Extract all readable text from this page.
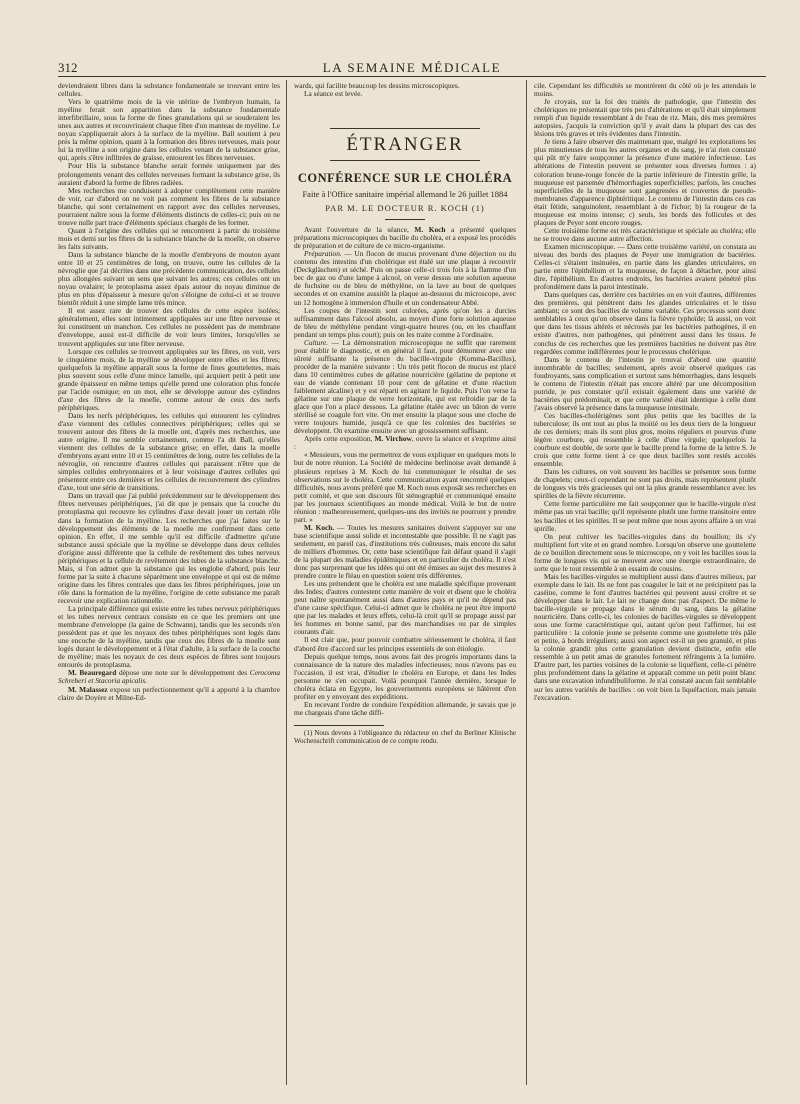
312	LA SEMAINE MÉDICALE

deviendraient libres dans la substance fondamentale se trouvant entre les cellules.

Vers le quatrième mois de la vie utérine de l'embryon humain, la myéline ferait son apparition dans la substance fondamentale interfibrillaire, sous la forme de fines granulations qui se souderaient les unes aux autres et recouvriraient chaque fibre d'un manteau de myéline. Le noyau s'appliquerait alors à la surface de la myéline. Ball soutient à peu près la même opinion, quant à la formation des fibres nerveuses, mais pour lui la myéline a son origine dans les cellules venant de la substance grise, qui, après s'être infiltrées de graisse, entourent les fibres nerveuses.

Pour His la substance blanche serait formée uniquement par des prolongements venant des cellules nerveuses formant la substance grise, ils auraient d'abord la forme de fibres radiées.

Mes recherches me conduisent à adopter complètement cette manière de voir, car d'abord on ne voit pas comment les fibres de la substance blanche, qui sont certainement en rapport avec des cellules nerveuses, pourraient naître sous la forme d'éléments distincts de celles-ci; puis on ne trouve nulle part trace d'éléments spéciaux chargés de les former.

Quant à l'origine des cellules qui se rencontrent à partir du troisième mois et demi sur les fibres de la substance blanche de la moelle, on observe les faits suivants.

Dans la substance blanche de la moelle d'embryons de mouton ayant entre 10 et 25 centimètres de long, on trouve, outre les cellules de la névroglie que j'ai décrites dans une précédente communication, des cellules plus allongées suivant un sens que suivant les autres; ces cellules ont un noyau ovalaire; le protoplasma assez épais autour du noyau diminue de plus en plus d'épaisseur à mesure qu'on s'éloigne de celui-ci et se trouve bientôt réduit à une simple lame très mince.

Il est assez rare de trouver des cellules de cette espèce isolées; généralement, elles sont intimement appliquées sur une fibre nerveuse et lui constituent un manchon. Ces cellules ne possèdent pas de membrane d'enveloppe, aussi est-il difficile de voir leurs limites, lorsqu'elles se trouvent appliquées sur une fibre nerveuse.

Lorsque ces cellules se trouvent appliquées sur les fibres, on voit, vers le cinquième mois, de la myéline se développer entre elles et les fibres; quelquefois la myéline apparaît sous la forme de fines gouttelettes, mais plus souvent sous celle d'une mince lamelle, qui acquiert petit à petit une grande épaisseur en même temps qu'elle prend une coloration plus foncée par l'acide osmique; en un mot, elle se développe autour des cylindres d'axe des fibres de la moelle, comme autour de ceux des nerfs périphériques.

Dans les nerfs périphériques, les cellules qui entourent les cylindres d'axe viennent des cellules connectives périphériques; celles qui se trouvent autour des fibres de la moelle ont, d'après mes recherches, une autre origine. Il me semble certainement, comme l'a dit Ball, qu'elles viennent des cellules de la substance grise; en effet, dans la moelle d'embryons ayant entre 10 et 15 centimètres de long, outre les cellules de la névroglie, on rencontre d'autres cellules qui paraissent n'être que de simples cellules embryonnaires et à leur voisinage d'autres cellules qui présentent entre ces dernières et les cellules de recouvrement des cylindres d'axe, tout une série de transitions.

Dans un travail que j'ai publié précédemment sur le développement des fibres nerveuses périphériques, j'ai dit que je pensais que la couche du protoplasma qui recouvre les cylindres d'axe devait jouer un certain rôle dans la formation de la myéline. Les recherches que j'ai faites sur le développement des éléments de la moelle me confirment dans cette opinion. En effet, il me semble qu'il est difficile d'admettre qu'une substance aussi spéciale que la myéline se développe dans deux cellules d'origine aussi différente que la cellule de revêtement des tubes nerveux périphériques et la cellule de revêtement des tubes de la substance blanche. Mais, si l'on admet que la substance qui les englobe d'abord, puis leur forme par la suite à chacune séparément une enveloppe et qui est de même origine dans les fibres centrales que dans les fibres périphériques, joue un rôle dans la formation de la myéline, l'origine de cette substance me paraît recevoir une explication rationnelle.

La principale différence qui existe entre les tubes nerveux périphériques et les tubes nerveux centraux consiste en ce que les premiers ont une membrane d'enveloppe (la gaine de Schwann), tandis que les seconds n'en possèdent pas et que les noyaux des tubes périphériques sont logés dans une encoche de la myéline, tandis que ceux des fibres de la moelle sont logés durant le développement et à l'état d'adulte, à la surface de la couche de myéline; mais les noyaux de ces deux espèces de fibres sont toujours entourés de protoplasma.

M. Beauregard dépose une note sur le développement des Cerocoma Schreberi et Stacoria apicalis.

M. Malassez expose un perfectionnement qu'il a apporté à la chambre claire de Doyère et Milne-Ed-

wards, qui facilite beaucoup les dessins microscopiques.

La séance est levée.

ÉTRANGER
CONFÉRENCE SUR LE CHOLÉRA
Faite à l'Office sanitaire impérial allemand le 26 juillet 1884
PAR M. LE DOCTEUR R. KOCH (1)

Avant l'ouverture de la séance, M. Koch a présenté quelques préparations microscopiques du bacille du choléra, et a exposé les procédés de préparation et de culture de ce micro-organisme.

Préparation. — Un flocon de mucus provenant d'une déjection ou du contenu des intestins d'un cholérique est étalé sur une plaque à recouvrir (Deckgläschen) et séché. Puis on passe celle-ci trois fois à la flamme d'un bec de gaz ou d'une lampe à alcool, on verse dessus une solution aqueuse de fuchsine ou de bleu de méthylène, on la lave au bout de quelques secondes et on examine aussitôt la plaque au-dessous du microscope, avec un 12 homogène à immersion d'huile et un condensateur Abbé.

Les coupes de l'intestin sont colorées, après qu'on les a durcies suffisamment dans l'alcool absolu, au moyen d'une forte solution aqueuse de bleu de méthylène pendant vingt-quatre heures (ou, en les chauffant pendant un temps plus court); puis on les traite comme à l'ordinaire.

Culture. — La démonstration microscopique ne suffit que rarement pour établir le diagnostic, et en général il faut, pour démontrer avec une sûreté suffisante la présence du bacille-virgule (Komma-Bacillus), procéder de la manière suivante : Un très petit flocon de mucus est placé dans 10 centimètres cubes de gélatine nourricière (gélatine de peptone et eau de viande contenant 10 pour cent de gélatine et d'une réaction faiblement alcaline) et y est réparti en agitant le liquide. Puis l'on verse la gélatine sur une plaque de verre horizontale, qui est refroidie par de la glace que l'on a placé dessous. La gélatine étalée avec un bâton de verre stérilisé se coagule fort vite. On met ensuite la plaque sous une cloche de verre toujours humide, jusqu'à ce que les colonies des bactéries se développent. On examine ensuite avec un grossissement suffisant.

Après cette exposition, M. Virchow, ouvre la séance et s'exprime ainsi :

« Messieurs, vous me permettrez de vous expliquer en quelques mots le but de notre réunion. La Société de médecine berlinoise avait demandé à plusieurs reprises à M. Koch de lui communiquer le résultat de ses observations sur le choléra. Cette communication ayant rencontré quelques difficultés, nous avons préféré que M. Koch nous exposât ses recherches en petit comité, et que son discours fût sténographié et communiqué ensuite par les journaux scientifiques au monde médical. Voilà le but de notre réunion : malheureusement, quelques-uns des invités ne pourront y prendre part. »

M. Koch. — Toutes les mesures sanitaires doivent s'appuyer sur une base scientifique aussi solide et incontestable que possible. Il ne s'agit pas seulement, en pareil cas, d'institutions très coûteuses, mais encore du salut de milliers d'hommes. Or, cette base scientifique fait défaut quand il s'agit de la plupart des maladies épidémiques et en particulier du choléra. Il n'est donc pas surprenant que les idées qui ont été émises au sujet des mesures à prendre contre le fléau en question soient très différentes.

Les uns prétendent que le choléra est une maladie spécifique provenant des Indes; d'autres contestent cette manière de voir et disent que le choléra peut naître spontanément aussi dans d'autres pays et qu'il ne dépend pas d'une cause spécifique. Celui-ci admet que le choléra ne peut être importé que par les malades et leurs effets, celui-là croit qu'il se propage aussi par les hommes en bonne santé, par des marchandises ou par de simples courants d'air.

Il est clair que, pour pouvoir combattre sérieusement le choléra, il faut d'abord être d'accord sur les principes essentiels de son étiologie.

Depuis quelque temps, nous avons fait des progrès importants dans la connaissance de la nature des maladies infectieuses; nous n'avons pas eu l'occasion, il est vrai, d'étudier le choléra en Europe, et dans les Indes personne ne s'en occupait. Voilà pourquoi l'année dernière, lorsque le choléra éclata en Egypte, les gouvernements européens se hâtèrent d'en profiter en y envoyant des expéditions.

En recevant l'ordre de conduire l'expédition allemande, je savais que je me chargeais d'une tâche diffi-

(1) Nous devons à l'obligeance du rédacteur en chef du Berliner Klinische Wochenschrift communication de ce compte rendu.

cile. Cependant les difficultés se montrèrent du côté où je les attendais le moins.

Je croyais, sur la foi des traités de pathologie, que l'intestin des cholériques ne présentait que très peu d'altérations et qu'il était simplement rempli d'un liquide ressemblant à de l'eau de riz. Mais, dès mes premières autopsies, j'acquis la conviction qu'il y avait dans la plupart des cas des lésions très graves et très évidentes dans l'intestin.

Je tiens à faire observer dès maintenant que, malgré les explorations les plus minutieuses de tous les autres organes et du sang, je n'ai rien constaté qui pût m'y faire soupçonner la présence d'une matière infectieuse. Les altérations de l'intestin peuvent se présenter sous diverses formes : a) coloration brune-rouge foncée de la partie inférieure de l'intestin grêle, la muqueuse est parsemée d'hémorrhagies superficielles; parfois, les couches superficielles de la muqueuse sont gangrenées et couvertes de pseudo-membranes d'apparence diphtéritique. Le contenu de l'intestin dans ces cas était fétide, sanguinolent, ressemblant à de l'ichor; b) la rougeur de la muqueuse est moins intense; c) seuls, les bords des follicules et des plaques de Peyer sont encore rouges.

Cette troisième forme est très caractéristique et spéciale au choléra; elle ne se trouve dans aucune autre affection.

Examen microscopique. — Dans cette troisième variété, on constata au niveau des bords des plaques de Peyer une immigration de bactéries. Celles-ci s'étaient insinuées, en partie dans les glandes utriculaires, en partie entre l'épithélium et la muqueuse, de façon à détacher, pour ainsi dire, l'épithélium. En d'autres endroits, les bactéries avaient pénétré plus profondément dans la paroi intestinale.

Dans quelques cas, derrière ces bactéries on en voit d'autres, différentes des premières, qui pénètrent dans les glandes utriculaires et le tissu ambiant; ce sont des bacilles de volume variable. Ces processus sont donc semblables à ceux qu'on observe dans la fièvre typhoïde; là aussi, on voit que dans les tissus altérés et nécrosés par les bactéries pathogènes, il en existe d'autres, non pathogènes, qui pénètrent aussi dans les tissus. Je conclus de ces recherches que les premières bactéries ne doivent pas être regardées comme indifférentes pour le processus cholérique.

Dans le contenu de l'intestin je trouvai d'abord une quantité innombrable de bacilles; seulement, après avoir observé quelques cas foudroyants, sans complication et surtout sans hémorrhagies, dans lesquels le contenu de l'intestin n'était pas encore altéré par une décomposition putride, je pus constater qu'il existait également dans une variété de bactéries qui prédominait, et que cette variété était identique à celle dont j'avais observé la présence dans la muqueuse intestinale.

Ces bacilles-cholérigènes sont plus petits que les bacilles de la tuberculose; ils ont tout au plus la moitié ou les deux tiers de la longueur de ces derniers; mais ils sont plus gros, moins réguliers et pourvus d'une légère courbure, qui ressemble à celle d'une virgule; quelquefois la courbure est double, de sorte que le bacille prend la forme de la lettre S. Je crois que cette forme tient à ce que deux bacilles sont restés accolés ensemble.

Dans les cultures, on voit souvent les bacilles se présenter sous forme de chapelets; ceux-ci cependant ne sont pas droits, mais représentent plutôt de longues vis très gracieuses qui ont la plus grande ressemblance avec les spirilles de la fièvre récurrente.

Cette forme particulière me fait soupçonner que le bacille-virgule n'est même pas un vrai bacille; qu'il représente plutôt une forme transitoire entre les bacilles et les spirilles. Il se peut même que nous ayons affaire à un vrai spirille.

On peut cultiver les bacilles-virgules dans du bouillon; ils s'y multiplient fort vite et en grand nombre. Lorsqu'on observe une gouttelette de ce bouillon directement sous le microscope, on y voit les bacilles sous la forme de longues vis qui se meuvent avec une énergie extraordinaire, de sorte que le tout ressemble à un essaim de cousins.

Mais les bacilles-virgules se multiplient aussi dans d'autres milieux, par exemple dans le lait. Ils ne font pas coaguler le lait et ne précipitent pas la caséine, comme le font d'autres bactéries qui peuvent aussi croître et se développer dans le lait. Le lait ne change donc pas d'aspect. De même le bacille-virgule se propage dans le sérum du sang, dans la gélatine nourricière. Dans celle-ci, les colonies de bacilles-virgules se développent sous une forme caractéristique qui, autant qu'on peut l'affirmer, lui est particulière : la colonie jeune se présente comme une gouttelette très pâle et petite, à bords irréguliers; aussi son aspect est-il un peu granulé, et plus la colonie grandit plus cette granulation devient distincte, enfin elle ressemble à un petit amas de granules fortement réfringents à la lumière. D'autre part, les parties voisines de la colonie se liquéfient, celle-ci pénètre plus profondément dans la gélatine et apparaît comme un petit point blanc dans une excavation infundibuliforme. Je n'ai constaté aucun fait semblable sur les autres variétés de bacilles : on voit bien la liquéfaction, mais jamais l'excavation.
